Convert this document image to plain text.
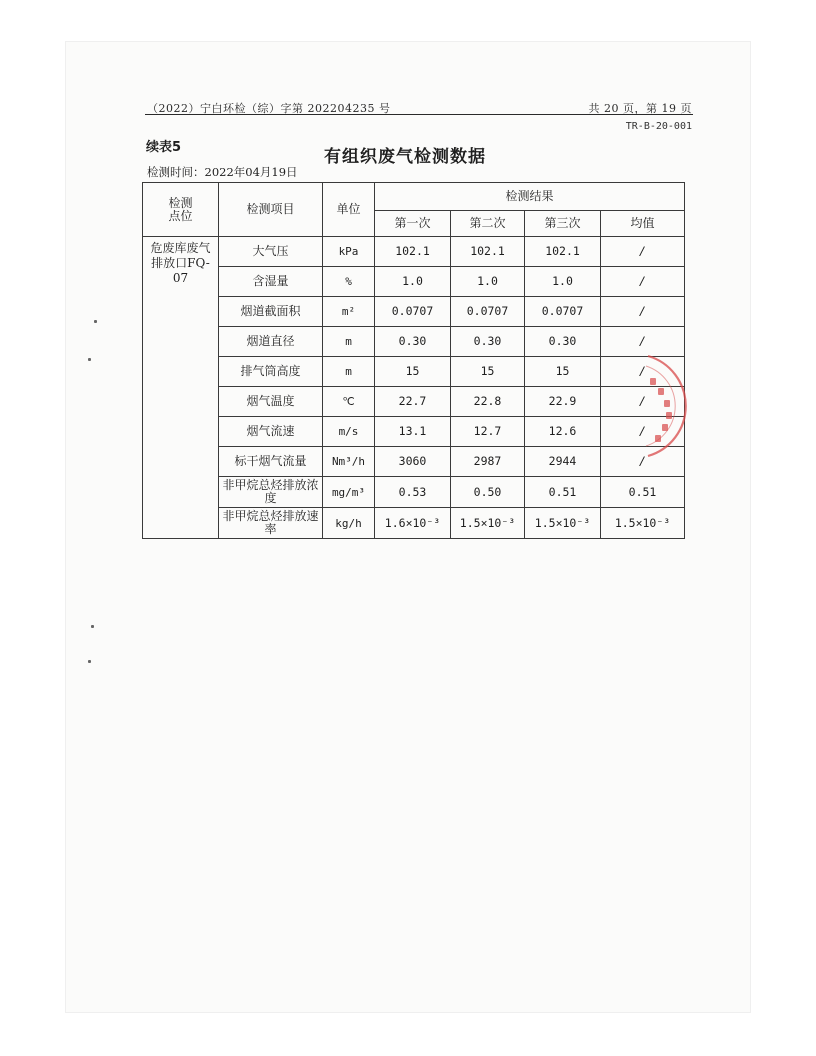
（2022）宁白环检（综）字第 202204235 号	共 20 页，第 19 页
TR-B-20-001
续表5	有组织废气检测数据
检测时间：2022年04月19日
检测
点位	检测项目	单位	检测结果			
			第一次	第二次	第三次	均值
危废库废气
排放口FQ-07	大气压	kPa	102.1	102.1	102.1	/
	含湿量	%	1.0	1.0	1.0	/
	烟道截面积	m²	0.0707	0.0707	0.0707	/
	烟道直径	m	0.30	0.30	0.30	/
	排气筒高度	m	15	15	15	/
	烟气温度	℃	22.7	22.8	22.9	/
	烟气流速	m/s	13.1	12.7	12.6	/
	标干烟气流量	Nm³/h	3060	2987	2944	/
	非甲烷总烃排放浓度	mg/m³	0.53	0.50	0.51	0.51
	非甲烷总烃排放速率	kg/h	1.6×10⁻³	1.5×10⁻³	1.5×10⁻³	1.5×10⁻³
